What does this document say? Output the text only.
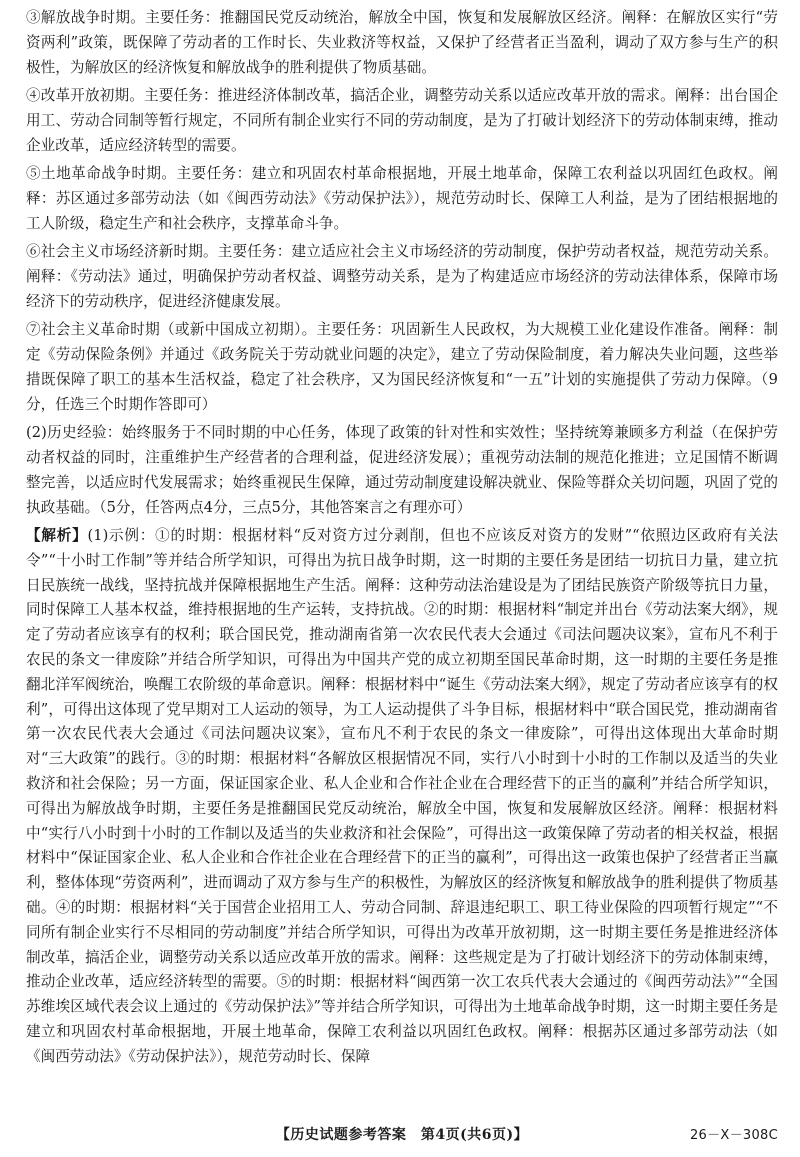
③解放战争时期。主要任务：推翻国民党反动统治，解放全中国，恢复和发展解放区经济。阐释：在解放区实行“劳资两利”政策，既保障了劳动者的工作时长、失业救济等权益，又保护了经营者正当盈利，调动了双方参与生产的积极性，为解放区的经济恢复和解放战争的胜利提供了物质基础。

④改革开放初期。主要任务：推进经济体制改革，搞活企业，调整劳动关系以适应改革开放的需求。阐释：出台国企用工、劳动合同制等暂行规定，不同所有制企业实行不同的劳动制度，是为了打破计划经济下的劳动体制束缚，推动企业改革，适应经济转型的需要。

⑤土地革命战争时期。主要任务：建立和巩固农村革命根据地，开展土地革命，保障工农利益以巩固红色政权。阐释：苏区通过多部劳动法（如《闽西劳动法》《劳动保护法》），规范劳动时长、保障工人利益，是为了团结根据地的工人阶级，稳定生产和社会秩序，支撑革命斗争。

⑥社会主义市场经济新时期。主要任务：建立适应社会主义市场经济的劳动制度，保护劳动者权益，规范劳动关系。阐释：《劳动法》通过，明确保护劳动者权益、调整劳动关系，是为了构建适应市场经济的劳动法律体系，保障市场经济下的劳动秩序，促进经济健康发展。

⑦社会主义革命时期（或新中国成立初期）。主要任务：巩固新生人民政权，为大规模工业化建设作准备。阐释：制定《劳动保险条例》并通过《政务院关于劳动就业问题的决定》，建立了劳动保险制度，着力解决失业问题，这些举措既保障了职工的基本生活权益，稳定了社会秩序，又为国民经济恢复和“一五”计划的实施提供了劳动力保障。（9分，任选三个时期作答即可）

(2)历史经验：始终服务于不同时期的中心任务，体现了政策的针对性和实效性；坚持统筹兼顾多方利益（在保护劳动者权益的同时，注重维护生产经营者的合理利益，促进经济发展）；重视劳动法制的规范化推进；立足国情不断调整完善，以适应时代发展需求；始终重视民生保障，通过劳动制度建设解决就业、保险等群众关切问题，巩固了党的执政基础。（5分，任答两点4分，三点5分，其他答案言之有理亦可）

【解析】(1)示例：①的时期：根据材料“反对资方过分剥削，但也不应该反对资方的发财”“依照边区政府有关法令”“十小时工作制”等并结合所学知识，可得出为抗日战争时期，这一时期的主要任务是团结一切抗日力量，建立抗日民族统一战线，坚持抗战并保障根据地生产生活。阐释：这种劳动法治建设是为了团结民族资产阶级等抗日力量，同时保障工人基本权益，维持根据地的生产运转，支持抗战。②的时期：根据材料“制定并出台《劳动法案大纲》，规定了劳动者应该享有的权利；联合国民党，推动湖南省第一次农民代表大会通过《司法问题决议案》，宣布凡不利于农民的条文一律废除”并结合所学知识，可得出为中国共产党的成立初期至国民革命时期，这一时期的主要任务是推翻北洋军阀统治，唤醒工农阶级的革命意识。阐释：根据材料中“诞生《劳动法案大纲》，规定了劳动者应该享有的权利”，可得出这体现了党早期对工人运动的领导，为工人运动提供了斗争目标，根据材料中“联合国民党，推动湖南省第一次农民代表大会通过《司法问题决议案》，宣布凡不利于农民的条文一律废除”，可得出这体现出大革命时期对“三大政策”的践行。③的时期：根据材料“各解放区根据情况不同，实行八小时到十小时的工作制以及适当的失业救济和社会保险；另一方面，保证国家企业、私人企业和合作社企业在合理经营下的正当的赢利”并结合所学知识，可得出为解放战争时期，主要任务是推翻国民党反动统治，解放全中国，恢复和发展解放区经济。阐释：根据材料中“实行八小时到十小时的工作制以及适当的失业救济和社会保险”，可得出这一政策保障了劳动者的相关权益，根据材料中“保证国家企业、私人企业和合作社企业在合理经营下的正当的赢利”，可得出这一政策也保护了经营者正当赢利，整体体现“劳资两利”，进而调动了双方参与生产的积极性，为解放区的经济恢复和解放战争的胜利提供了物质基础。④的时期：根据材料“关于国营企业招用工人、劳动合同制、辞退违纪职工、职工待业保险的四项暂行规定”“不同所有制企业实行不尽相同的劳动制度”并结合所学知识，可得出为改革开放初期，这一时期主要任务是推进经济体制改革，搞活企业，调整劳动关系以适应改革开放的需求。阐释：这些规定是为了打破计划经济下的劳动体制束缚，推动企业改革，适应经济转型的需要。⑤的时期：根据材料“闽西第一次工农兵代表大会通过的《闽西劳动法》”“全国苏维埃区域代表会议上通过的《劳动保护法》”等并结合所学知识，可得出为土地革命战争时期，这一时期主要任务是建立和巩固农村革命根据地，开展土地革命，保障工农利益以巩固红色政权。阐释：根据苏区通过多部劳动法（如《闽西劳动法》《劳动保护法》），规范劳动时长、保障

【历史试题参考答案　第4页(共6页)】	26－X－308C
